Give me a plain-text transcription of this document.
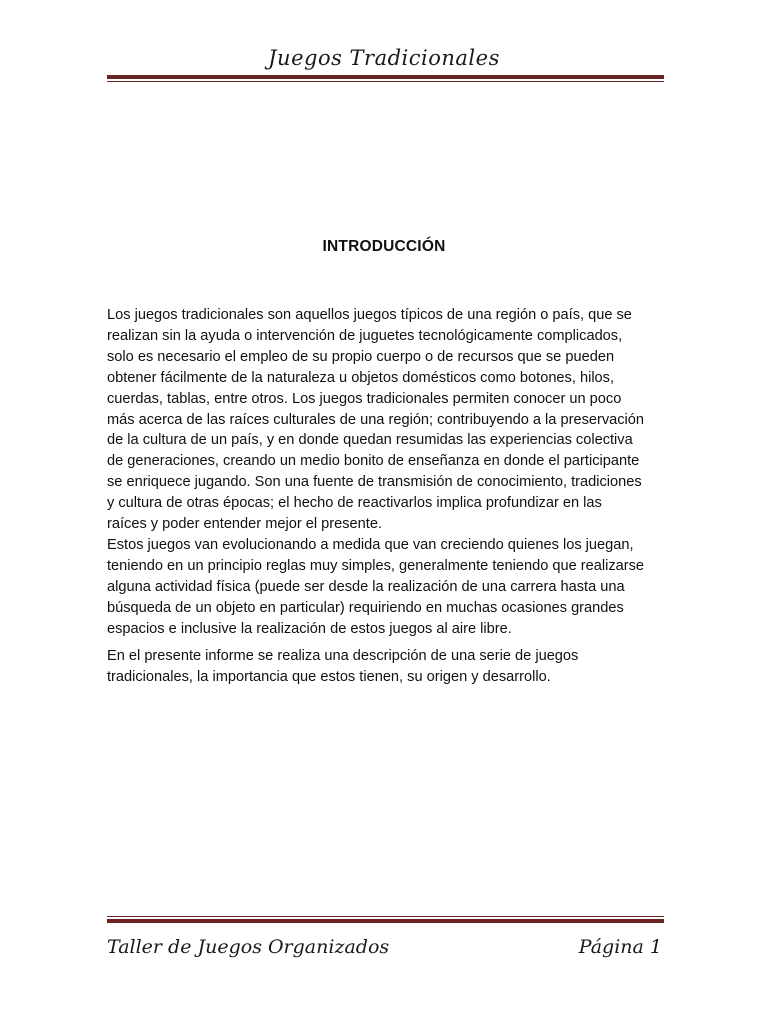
Juegos Tradicionales
INTRODUCCIÓN
Los juegos tradicionales son aquellos juegos típicos de una región o país, que se
realizan sin la ayuda o intervención de juguetes tecnológicamente complicados,
solo es necesario el empleo de su propio cuerpo o de recursos que se pueden
obtener fácilmente de la naturaleza u objetos domésticos como botones, hilos,
cuerdas, tablas, entre otros. Los juegos tradicionales permiten conocer un poco
más acerca de las raíces culturales de una región; contribuyendo a la preservación
de la cultura de un país, y en donde quedan resumidas las experiencias colectiva
de generaciones, creando un medio bonito de enseñanza en donde el participante
se enriquece jugando. Son una fuente de transmisión de conocimiento, tradiciones
y cultura de otras épocas; el hecho de reactivarlos implica profundizar en las
raíces y poder entender mejor el presente.
Estos juegos van evolucionando a medida que van creciendo quienes los juegan,
teniendo en un principio reglas muy simples, generalmente teniendo que realizarse
alguna actividad física (puede ser desde la realización de una carrera hasta una
búsqueda de un objeto en particular) requiriendo en muchas ocasiones grandes
espacios e inclusive la realización de estos juegos al aire libre.
En el presente informe se realiza una descripción de una serie de juegos
tradicionales, la importancia que estos tienen, su origen y desarrollo.
Taller de Juegos Organizados	Página 1
